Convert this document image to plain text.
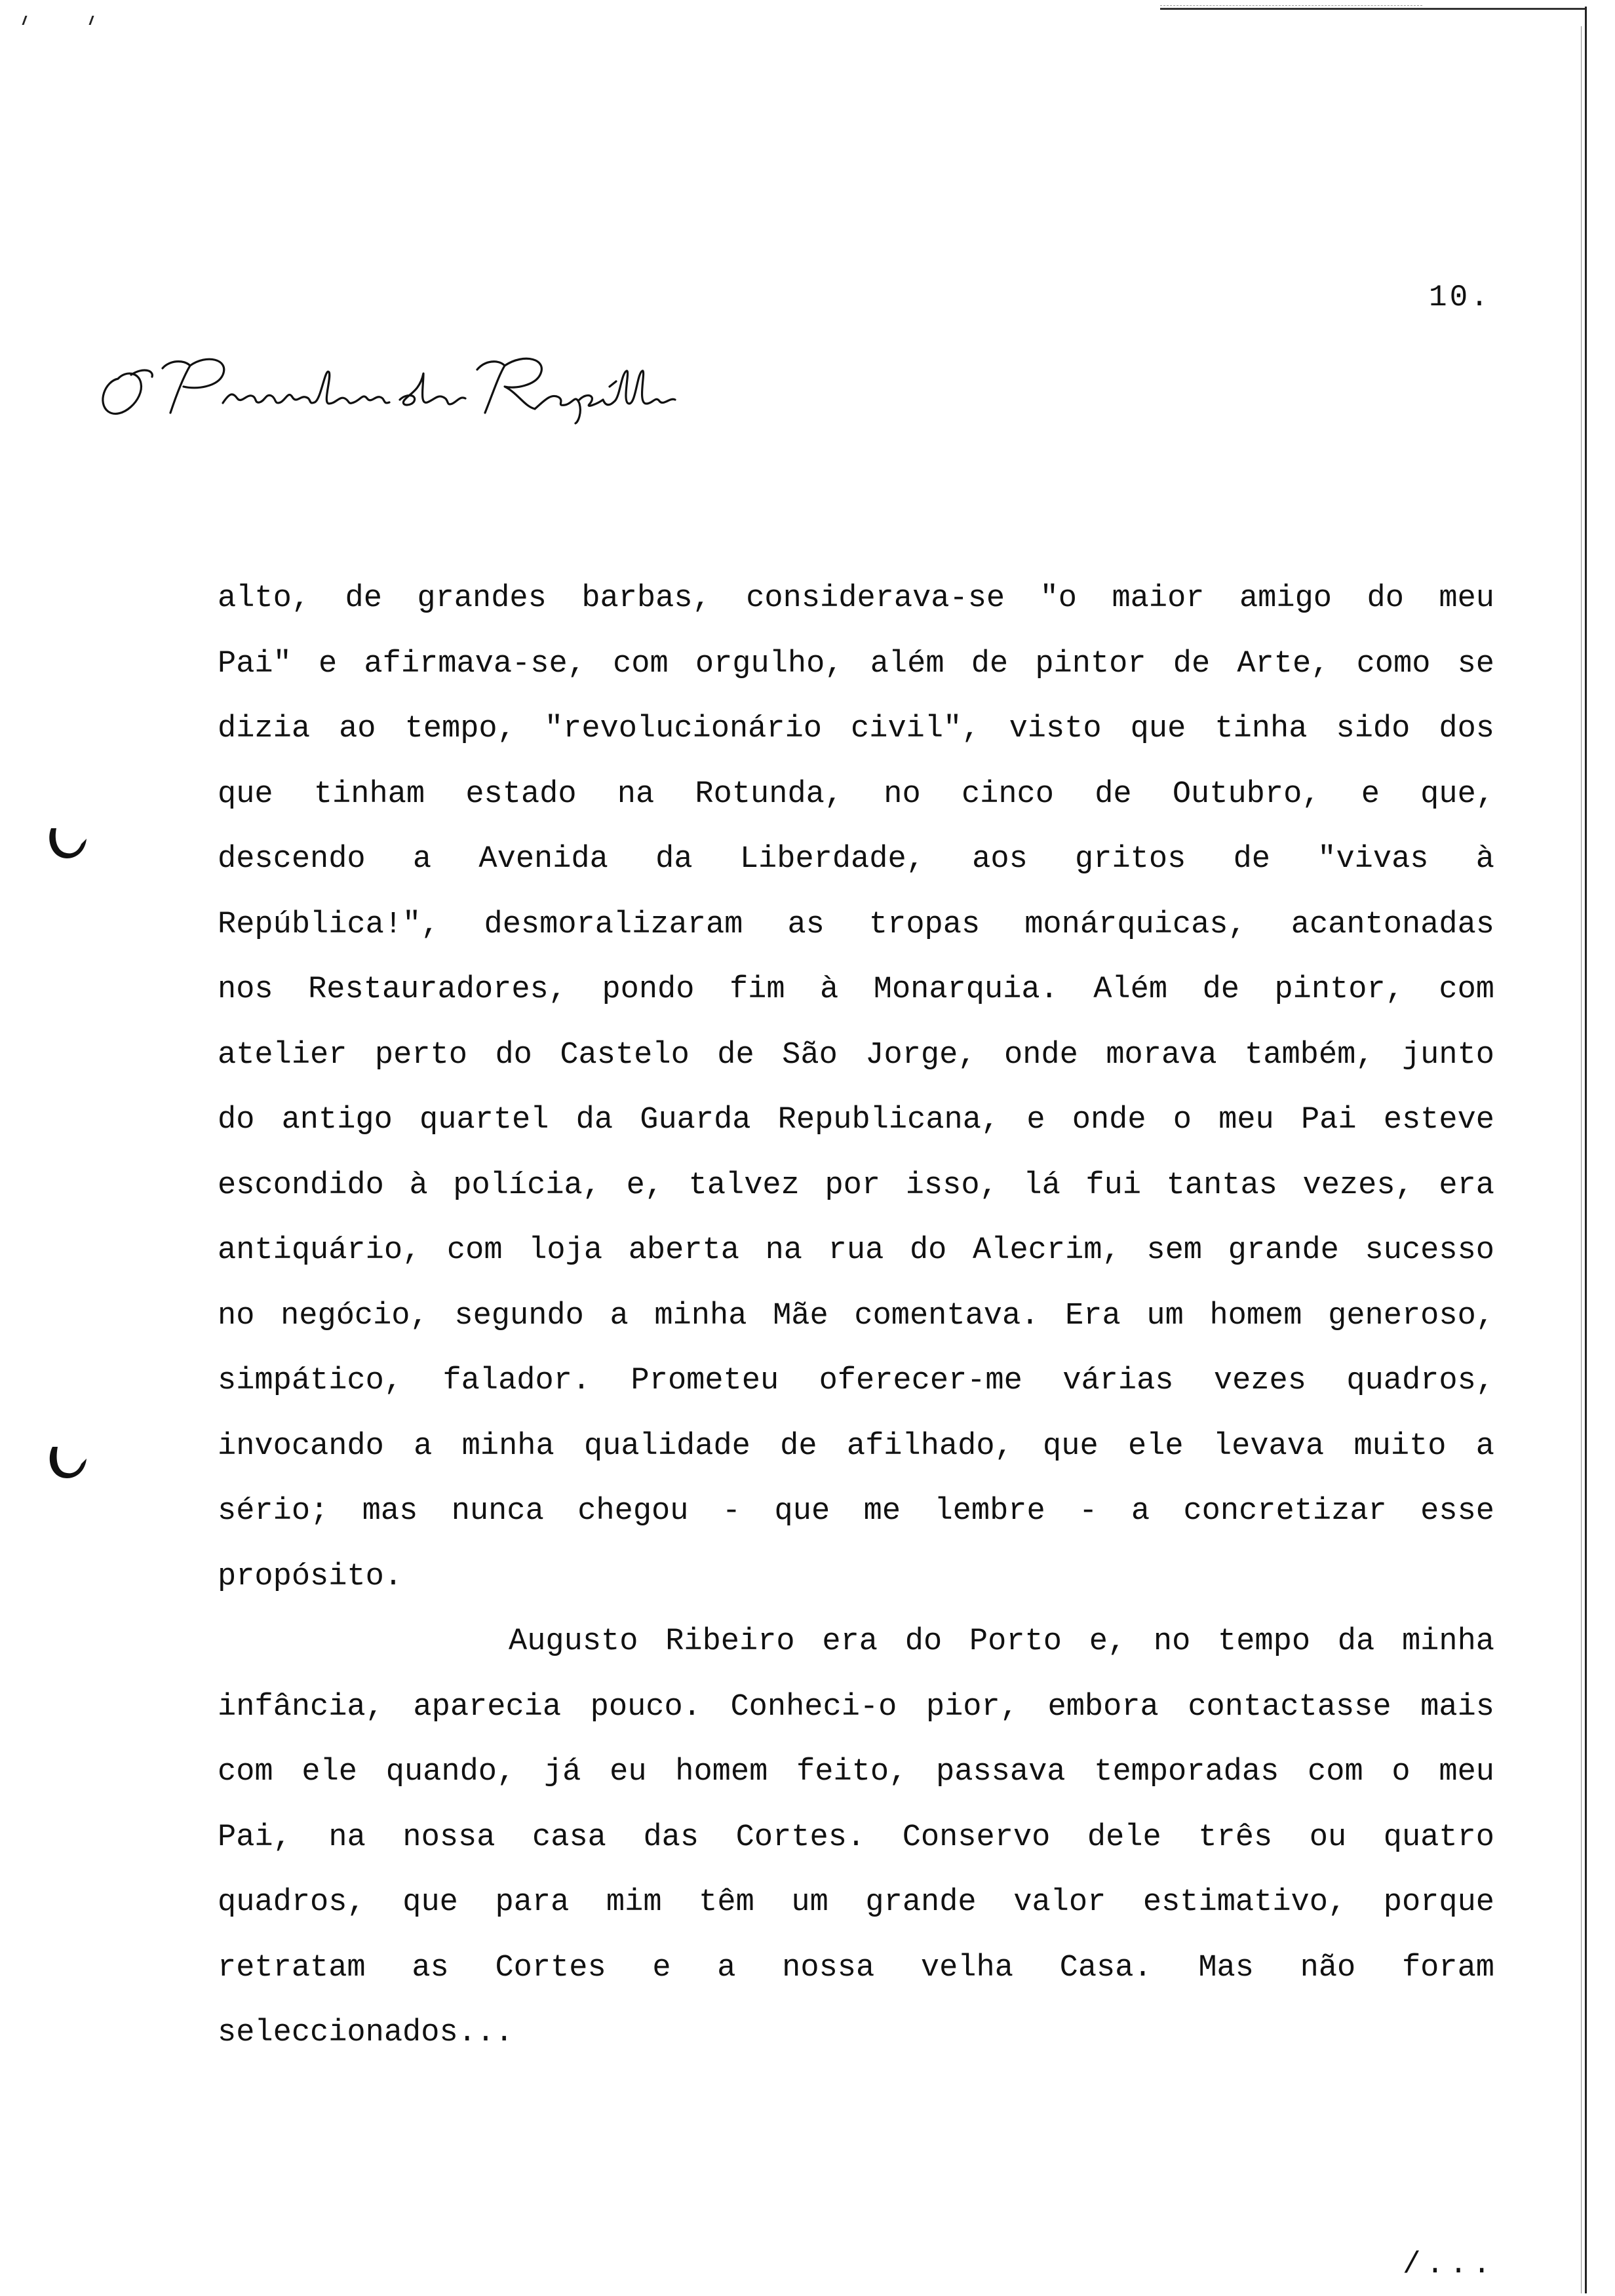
10.
alto, de grandes barbas, considerava-se "o maior amigo do meu
Pai" e afirmava-se, com orgulho, além de pintor de Arte, como se
dizia ao tempo, "revolucionário civil", visto que tinha sido dos
que tinham estado na Rotunda, no cinco de Outubro, e que,
descendo a Avenida da Liberdade, aos gritos de "vivas à
República!", desmoralizaram as tropas monárquicas, acantonadas
nos Restauradores, pondo fim à Monarquia. Além de pintor, com
atelier perto do Castelo de São Jorge, onde morava também, junto
do antigo quartel da Guarda Republicana, e onde o meu Pai esteve
escondido à polícia, e, talvez por isso, lá fui tantas vezes, era
antiquário, com loja aberta na rua do Alecrim, sem grande sucesso
no negócio, segundo a minha Mãe comentava. Era um homem generoso,
simpático, falador. Prometeu oferecer-me várias vezes quadros,
invocando a minha qualidade de afilhado, que ele levava muito a
sério; mas nunca chegou - que me lembre - a concretizar esse
propósito.
Augusto Ribeiro era do Porto e, no tempo da minha
infância, aparecia pouco. Conheci-o pior, embora contactasse mais
com ele quando, já eu homem feito, passava temporadas com o meu
Pai, na nossa casa das Cortes. Conservo dele três ou quatro
quadros, que para mim têm um grande valor estimativo, porque
retratam as Cortes e a nossa velha Casa. Mas não foram
seleccionados...
/...
